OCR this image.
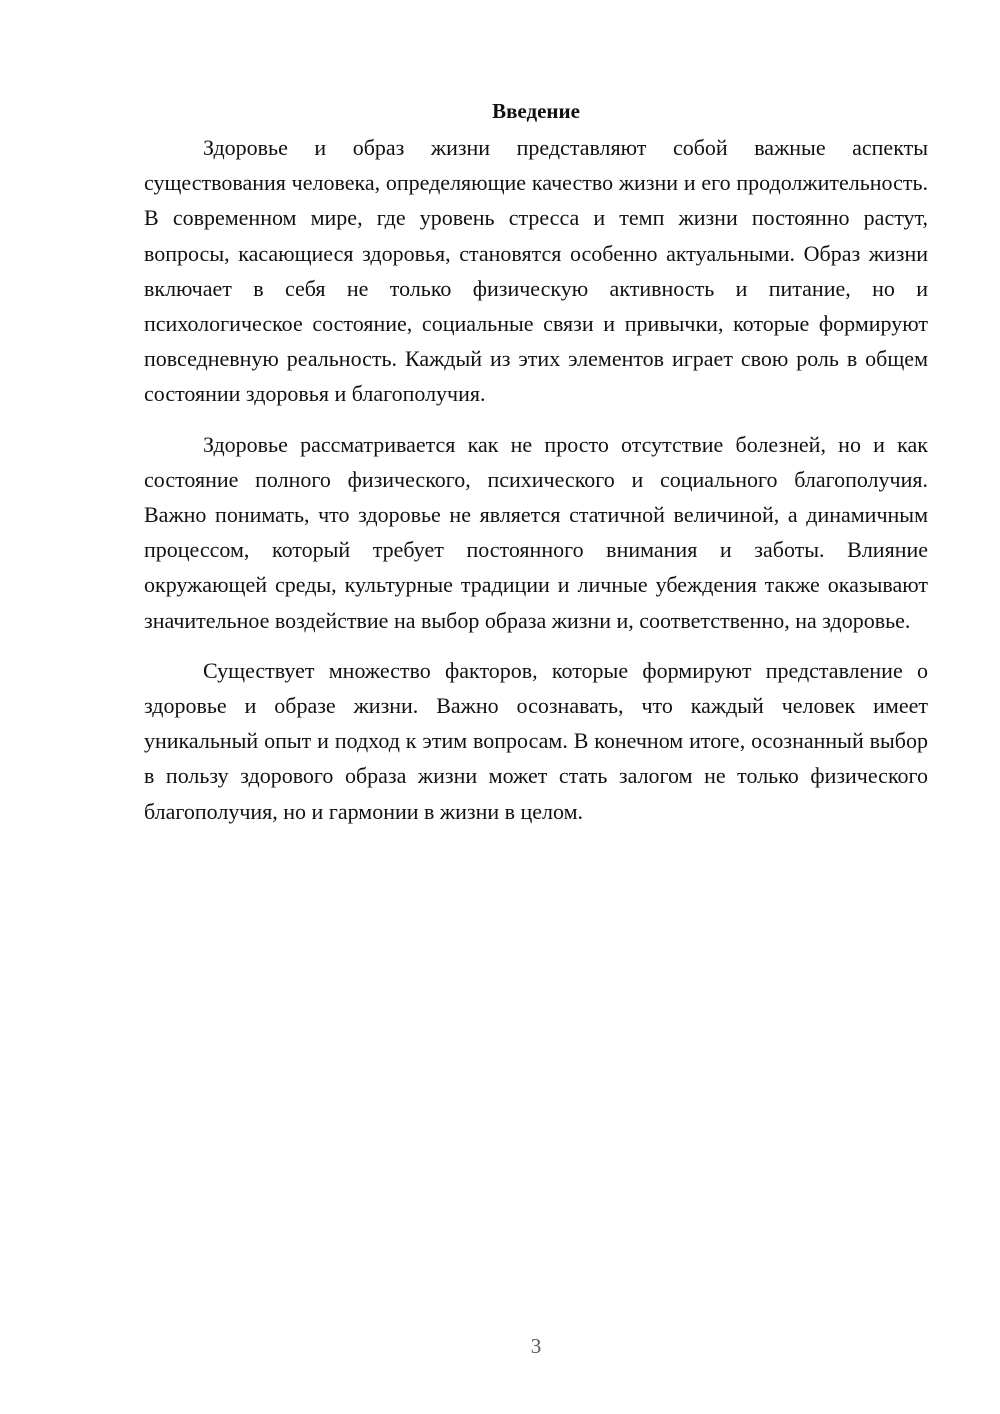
Введение

Здоровье и образ жизни представляют собой важные аспекты существования человека, определяющие качество жизни и его продолжительность. В современном мире, где уровень стресса и темп жизни постоянно растут, вопросы, касающиеся здоровья, становятся особенно актуальными. Образ жизни включает в себя не только физическую активность и питание, но и психологическое состояние, социальные связи и привычки, которые формируют повседневную реальность. Каждый из этих элементов играет свою роль в общем состоянии здоровья и благополучия.

Здоровье рассматривается как не просто отсутствие болезней, но и как состояние полного физического, психического и социального благополучия. Важно понимать, что здоровье не является статичной величиной, а динамичным процессом, который требует постоянного внимания и заботы. Влияние окружающей среды, культурные традиции и личные убеждения также оказывают значительное воздействие на выбор образа жизни и, соответственно, на здоровье.

Существует множество факторов, которые формируют представление о здоровье и образе жизни. Важно осознавать, что каждый человек имеет уникальный опыт и подход к этим вопросам. В конечном итоге, осознанный выбор в пользу здорового образа жизни может стать залогом не только физического благополучия, но и гармонии в жизни в целом.

3
